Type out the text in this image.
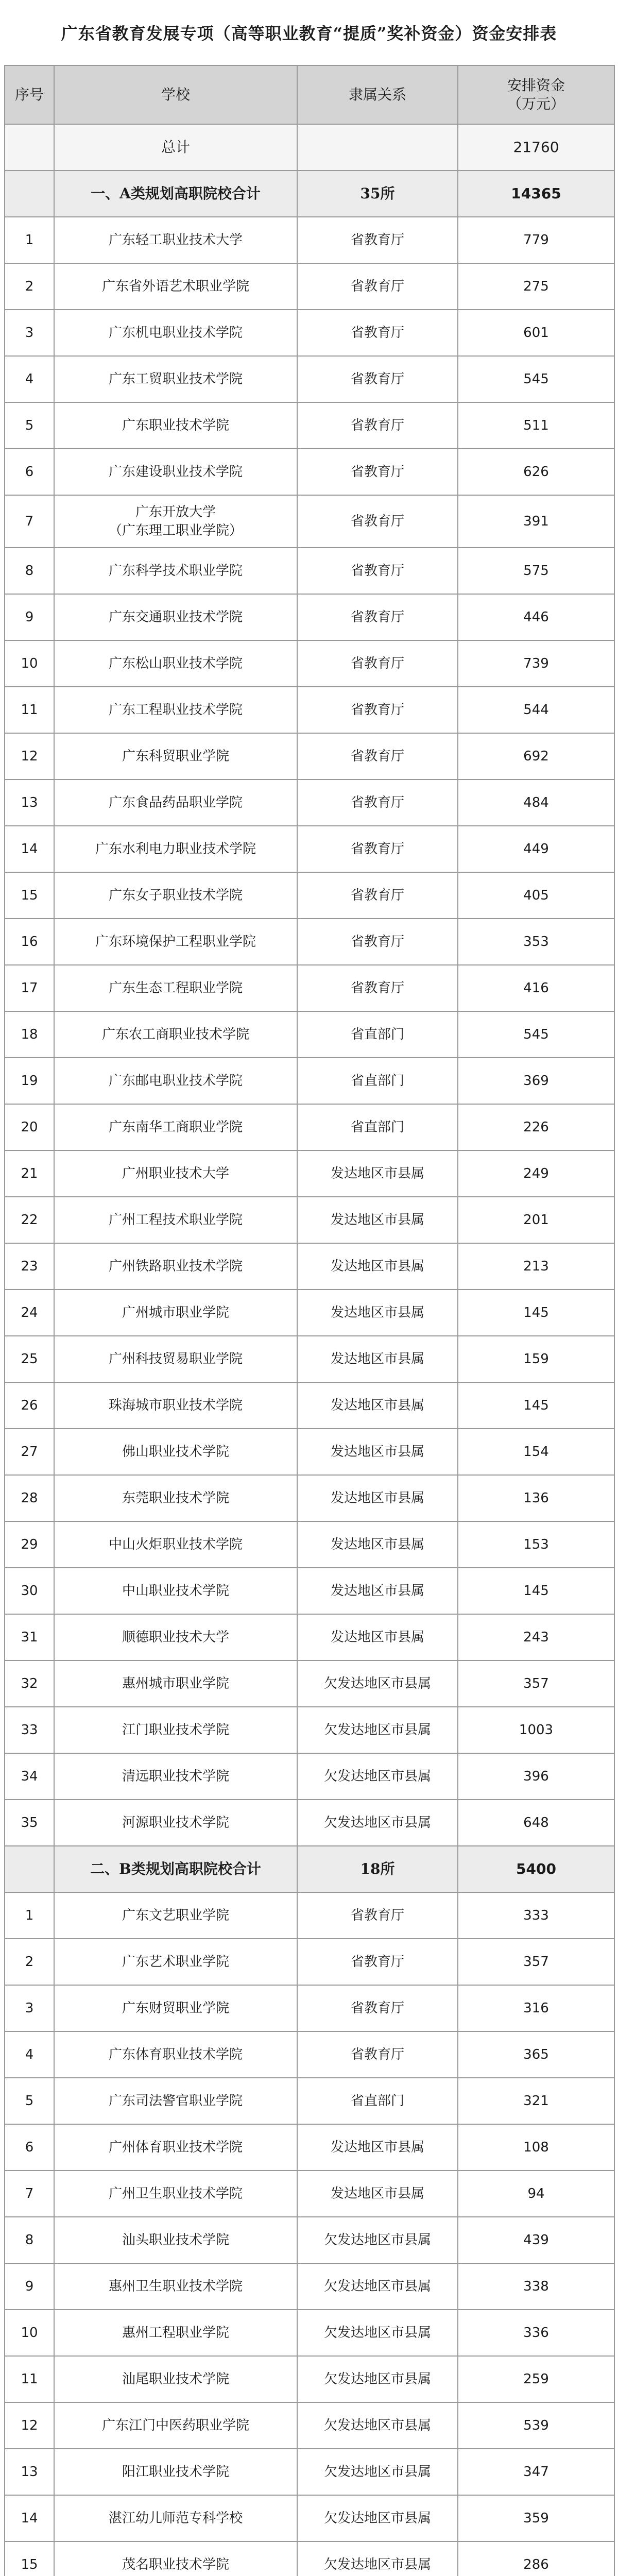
广东省教育发展专项（高等职业教育“提质”奖补资金）资金安排表
序号	学校	隶属关系	安排资金
（万元）
	总计		21760
	一、A类规划高职院校合计	35所	14365
1	广东轻工职业技术大学	省教育厅	779
2	广东省外语艺术职业学院	省教育厅	275
3	广东机电职业技术学院	省教育厅	601
4	广东工贸职业技术学院	省教育厅	545
5	广东职业技术学院	省教育厅	511
6	广东建设职业技术学院	省教育厅	626
7	广东开放大学
（广东理工职业学院）	省教育厅	391
8	广东科学技术职业学院	省教育厅	575
9	广东交通职业技术学院	省教育厅	446
10	广东松山职业技术学院	省教育厅	739
11	广东工程职业技术学院	省教育厅	544
12	广东科贸职业学院	省教育厅	692
13	广东食品药品职业学院	省教育厅	484
14	广东水利电力职业技术学院	省教育厅	449
15	广东女子职业技术学院	省教育厅	405
16	广东环境保护工程职业学院	省教育厅	353
17	广东生态工程职业学院	省教育厅	416
18	广东农工商职业技术学院	省直部门	545
19	广东邮电职业技术学院	省直部门	369
20	广东南华工商职业学院	省直部门	226
21	广州职业技术大学	发达地区市县属	249
22	广州工程技术职业学院	发达地区市县属	201
23	广州铁路职业技术学院	发达地区市县属	213
24	广州城市职业学院	发达地区市县属	145
25	广州科技贸易职业学院	发达地区市县属	159
26	珠海城市职业技术学院	发达地区市县属	145
27	佛山职业技术学院	发达地区市县属	154
28	东莞职业技术学院	发达地区市县属	136
29	中山火炬职业技术学院	发达地区市县属	153
30	中山职业技术学院	发达地区市县属	145
31	顺德职业技术大学	发达地区市县属	243
32	惠州城市职业学院	欠发达地区市县属	357
33	江门职业技术学院	欠发达地区市县属	1003
34	清远职业技术学院	欠发达地区市县属	396
35	河源职业技术学院	欠发达地区市县属	648
	二、B类规划高职院校合计	18所	5400
1	广东文艺职业学院	省教育厅	333
2	广东艺术职业学院	省教育厅	357
3	广东财贸职业学院	省教育厅	316
4	广东体育职业技术学院	省教育厅	365
5	广东司法警官职业学院	省直部门	321
6	广州体育职业技术学院	发达地区市县属	108
7	广州卫生职业技术学院	发达地区市县属	94
8	汕头职业技术学院	欠发达地区市县属	439
9	惠州卫生职业技术学院	欠发达地区市县属	338
10	惠州工程职业学院	欠发达地区市县属	336
11	汕尾职业技术学院	欠发达地区市县属	259
12	广东江门中医药职业学院	欠发达地区市县属	539
13	阳江职业技术学院	欠发达地区市县属	347
14	湛江幼儿师范专科学校	欠发达地区市县属	359
15	茂名职业技术学院	欠发达地区市县属	286
